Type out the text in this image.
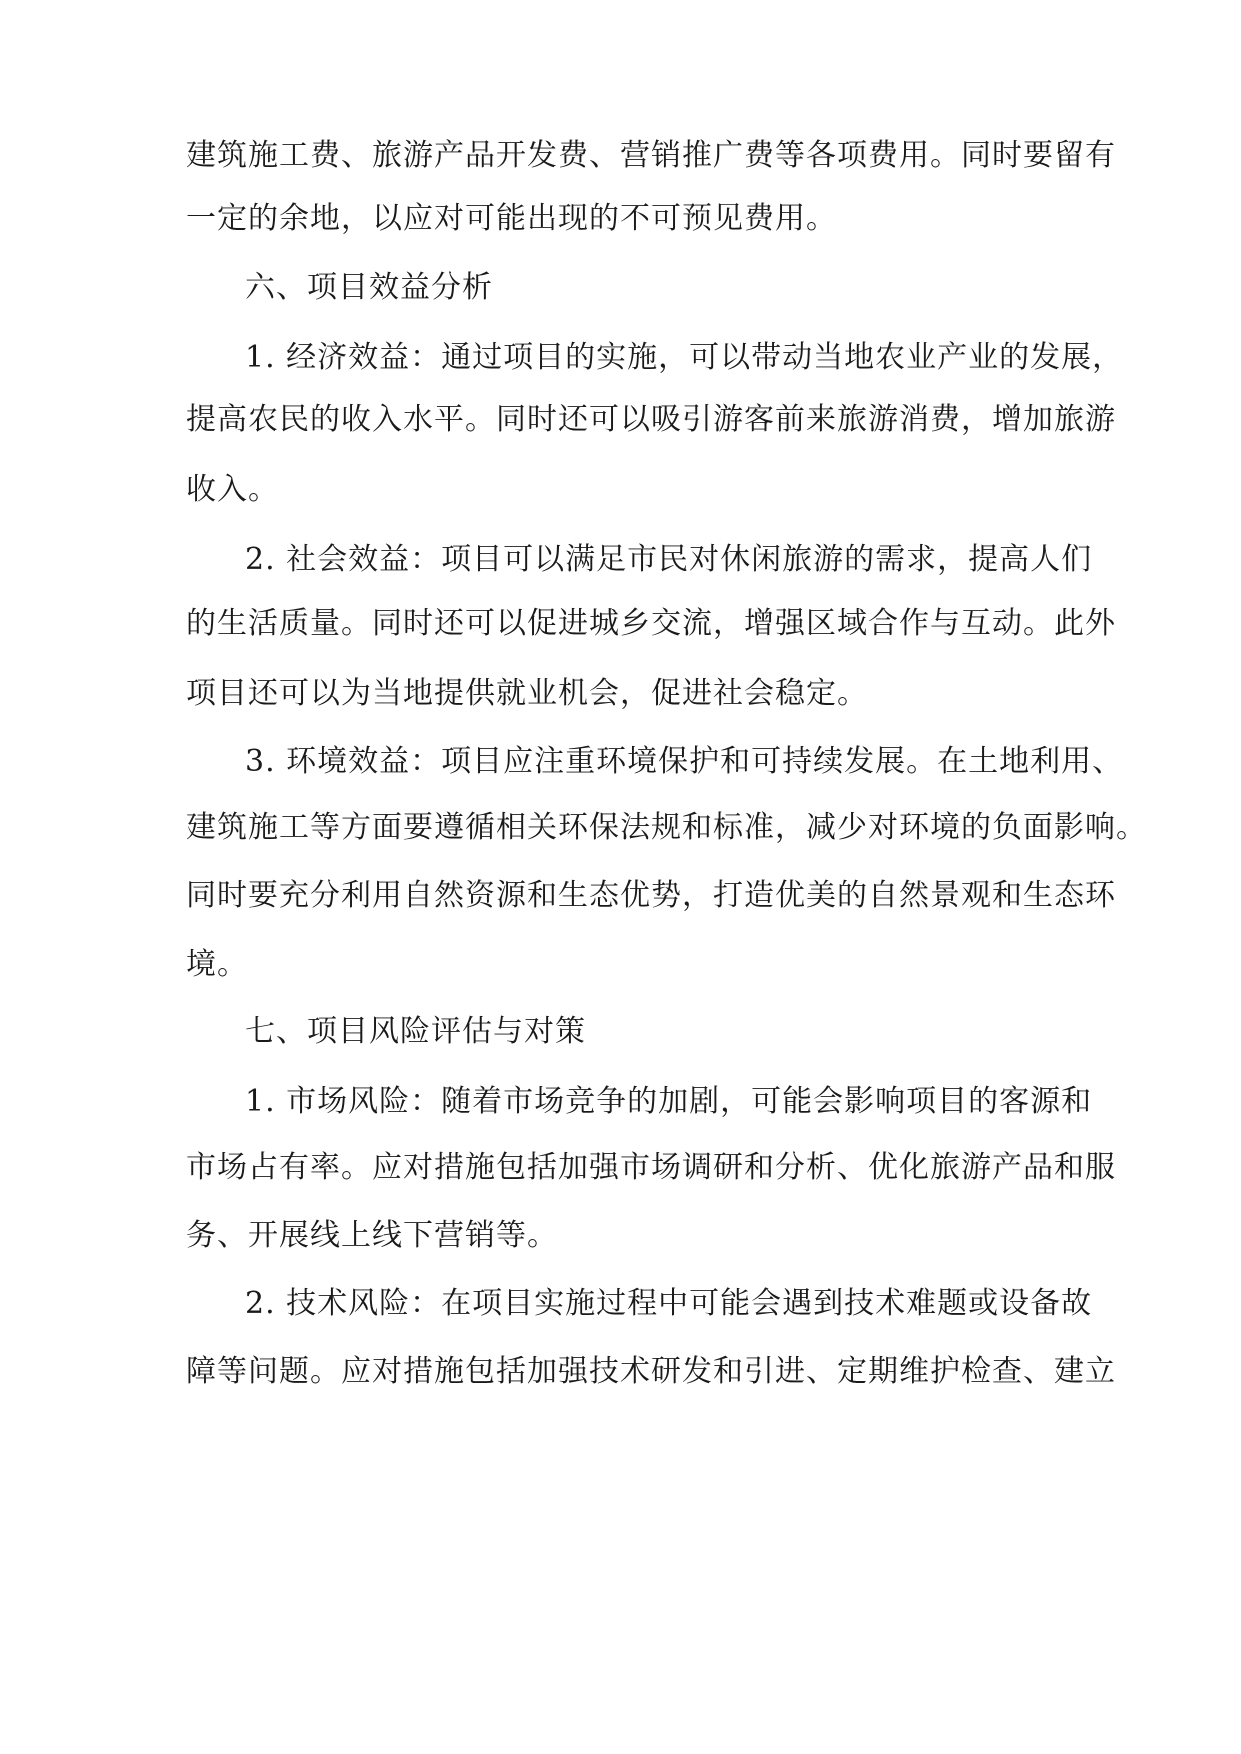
建筑施工费、旅游产品开发费、营销推广费等各项费用。同时要留有
一定的余地，以应对可能出现的不可预见费用。
六、项目效益分析
1. 经济效益：通过项目的实施，可以带动当地农业产业的发展，
提高农民的收入水平。同时还可以吸引游客前来旅游消费，增加旅游
收入。
2. 社会效益：项目可以满足市民对休闲旅游的需求，提高人们
的生活质量。同时还可以促进城乡交流，增强区域合作与互动。此外
项目还可以为当地提供就业机会，促进社会稳定。
3. 环境效益：项目应注重环境保护和可持续发展。在土地利用、
建筑施工等方面要遵循相关环保法规和标准，减少对环境的负面影响。
同时要充分利用自然资源和生态优势，打造优美的自然景观和生态环
境。
七、项目风险评估与对策
1. 市场风险：随着市场竞争的加剧，可能会影响项目的客源和
市场占有率。应对措施包括加强市场调研和分析、优化旅游产品和服
务、开展线上线下营销等。
2. 技术风险：在项目实施过程中可能会遇到技术难题或设备故
障等问题。应对措施包括加强技术研发和引进、定期维护检查、建立
